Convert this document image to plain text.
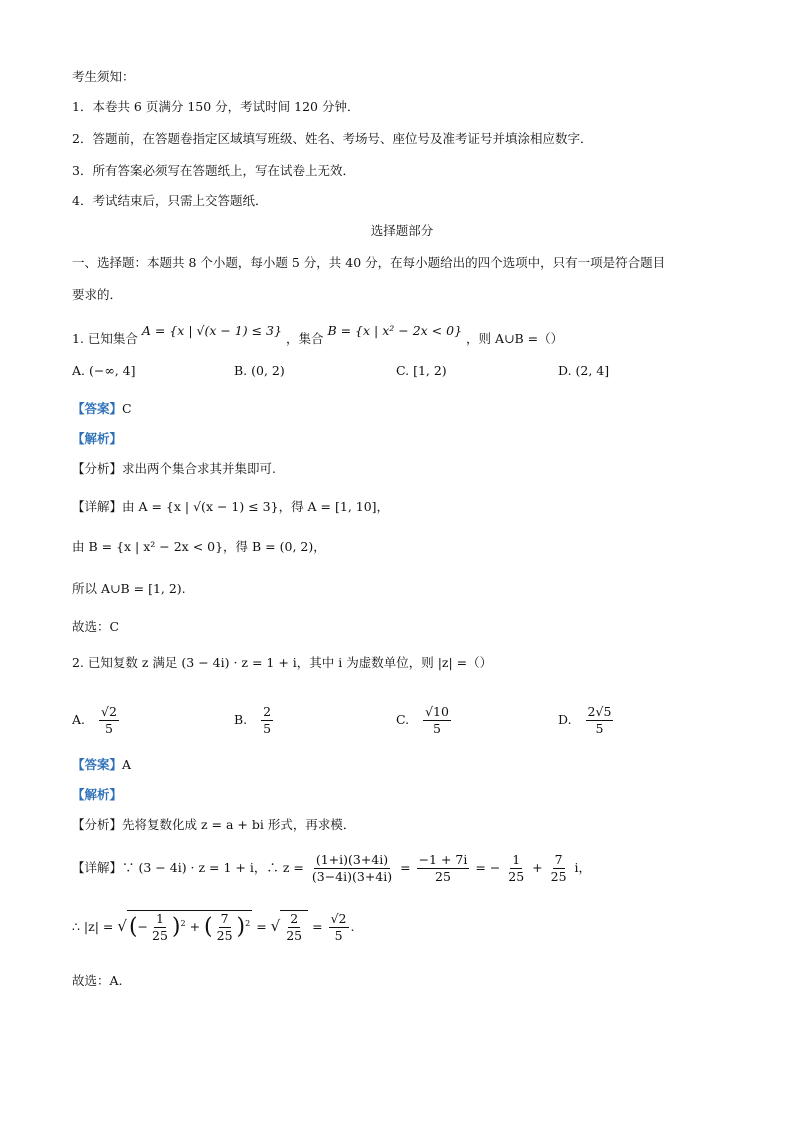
考生须知：
1．本卷共 6 页满分 150 分，考试时间 120 分钟．
2．答题前，在答题卷指定区域填写班级、姓名、考场号、座位号及准考证号并填涂相应数字．
3．所有答案必须写在答题纸上，写在试卷上无效．
4．考试结束后，只需上交答题纸．
选择题部分
一、选择题：本题共 8 个小题，每小题 5 分，共 40 分，在每小题给出的四个选项中，只有一项是符合题目
要求的．
1. 已知集合 A = {x | √(x − 1) ≤ 3} ，集合 B = {x | x² − 2x < 0} ，则 A∪B =（）
A. (−∞, 4]	B. (0, 2)	C. [1, 2)	D. (2, 4]
【答案】C
【解析】
【分析】求出两个集合求其并集即可.
【详解】由 A = {x | √(x − 1) ≤ 3}，得 A = [1, 10]，
由 B = {x | x² − 2x < 0}，得 B = (0, 2)，
所以 A∪B = [1, 2).
故选：C
2. 已知复数 z 满足 (3 − 4i) · z = 1 + i，其中 i 为虚数单位，则 |z| =（）
A. $\frac{√2}{5}$	B. $\frac{2}{5}$	C. $\frac{√10}{5}$	D. $\frac{2√5}{5}$
【答案】A
【解析】
【分析】先将复数化成 z = a + bi 形式，再求模．
【详解】∵ (3 − 4i) · z = 1 + i，∴ $z = \frac{(1+i)(3+4i)}{(3-4i)(3+4i)} = \frac{-1 + 7i}{25}$ = − $\frac{1}{25} + \frac{7}{25}$ i，
∴ |z| = √(− $\frac{1}{25} )^2$ + ( $\frac{7}{25} )^2$ = √ $\frac{2}{25} = \frac{√2}{5}$ .
故选：A.
